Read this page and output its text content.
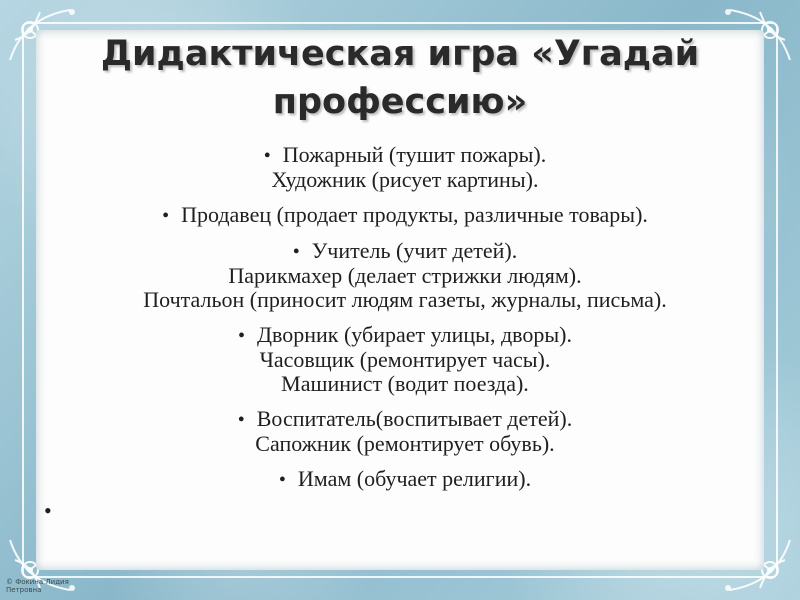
Дидактическая игра «Угадай
профессию»
• Пожарный (тушит пожары).
Художник (рисует картины).
• Продавец (продает продукты, различные товары).
• Учитель (учит детей).
Парикмахер (делает стрижки людям).
Почтальон (приносит людям газеты, журналы, письма).
• Дворник (убирает улицы, дворы).
Часовщик (ремонтирует часы).
Машинист (водит поезда).
• Воспитатель(воспитывает детей).
Сапожник (ремонтирует обувь).
• Имам (обучает религии).
•
© Фокина Лидия
Петровна
